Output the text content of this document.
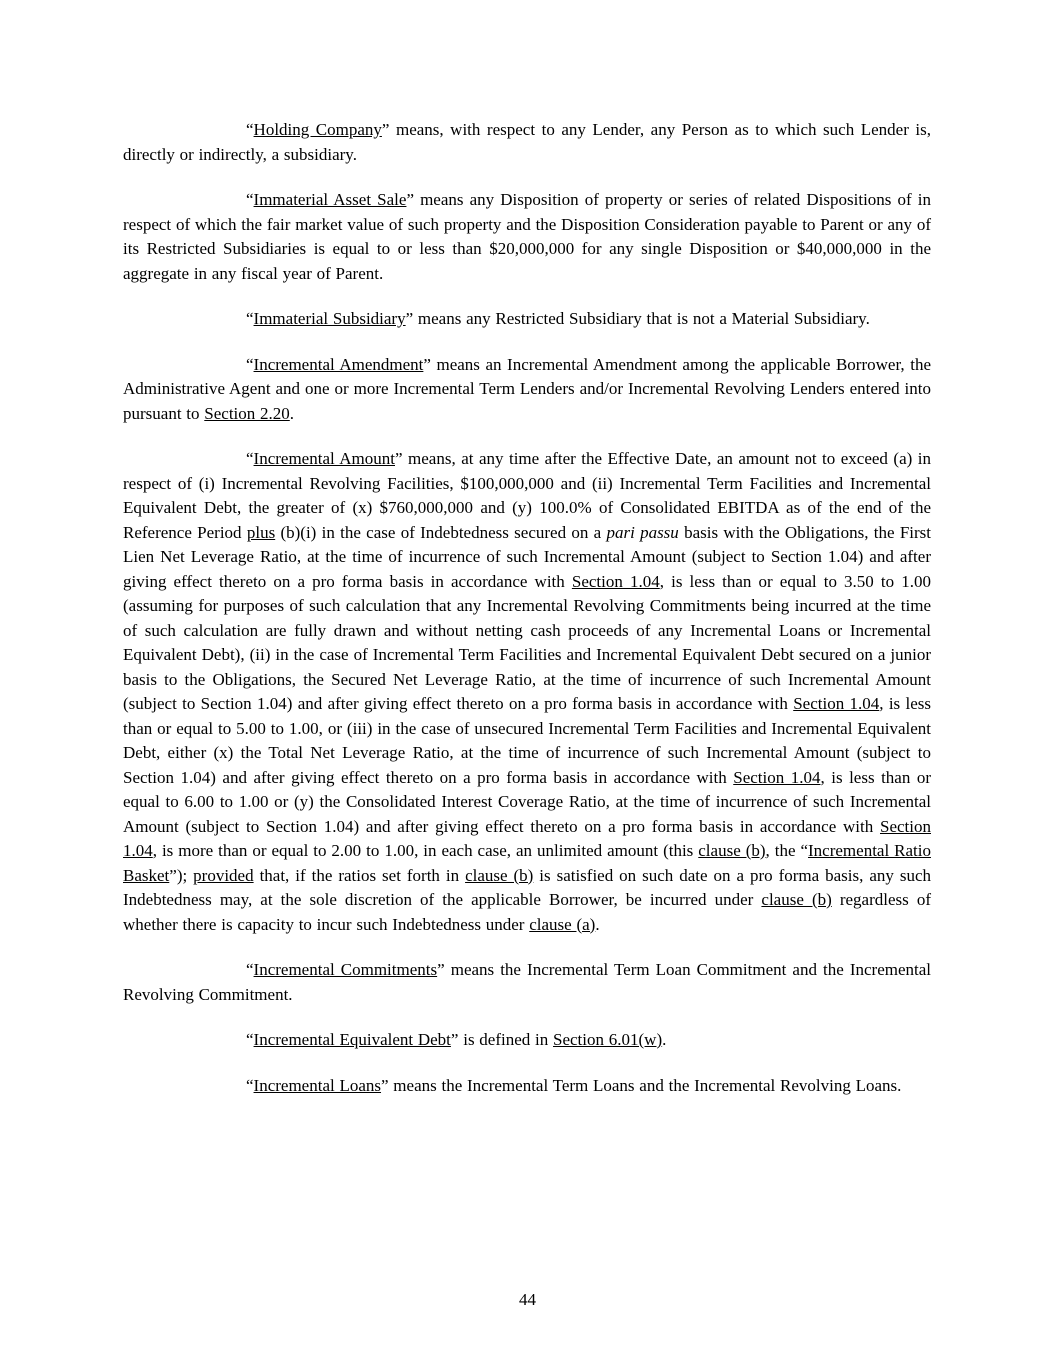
“Holding Company” means, with respect to any Lender, any Person as to which such Lender is, directly or indirectly, a subsidiary.

“Immaterial Asset Sale” means any Disposition of property or series of related Dispositions of in respect of which the fair market value of such property and the Disposition Consideration payable to Parent or any of its Restricted Subsidiaries is equal to or less than $20,000,000 for any single Disposition or $40,000,000 in the aggregate in any fiscal year of Parent.

“Immaterial Subsidiary” means any Restricted Subsidiary that is not a Material Subsidiary.

“Incremental Amendment” means an Incremental Amendment among the applicable Borrower, the Administrative Agent and one or more Incremental Term Lenders and/or Incremental Revolving Lenders entered into pursuant to Section 2.20.

“Incremental Amount” means, at any time after the Effective Date, an amount not to exceed (a) in respect of (i) Incremental Revolving Facilities, $100,000,000 and (ii) Incremental Term Facilities and Incremental Equivalent Debt, the greater of (x) $760,000,000 and (y) 100.0% of Consolidated EBITDA as of the end of the Reference Period plus (b)(i) in the case of Indebtedness secured on a pari passu basis with the Obligations, the First Lien Net Leverage Ratio, at the time of incurrence of such Incremental Amount (subject to Section 1.04) and after giving effect thereto on a pro forma basis in accordance with Section 1.04, is less than or equal to 3.50 to 1.00 (assuming for purposes of such calculation that any Incremental Revolving Commitments being incurred at the time of such calculation are fully drawn and without netting cash proceeds of any Incremental Loans or Incremental Equivalent Debt), (ii) in the case of Incremental Term Facilities and Incremental Equivalent Debt secured on a junior basis to the Obligations, the Secured Net Leverage Ratio, at the time of incurrence of such Incremental Amount (subject to Section 1.04) and after giving effect thereto on a pro forma basis in accordance with Section 1.04, is less than or equal to 5.00 to 1.00, or (iii) in the case of unsecured Incremental Term Facilities and Incremental Equivalent Debt, either (x) the Total Net Leverage Ratio, at the time of incurrence of such Incremental Amount (subject to Section 1.04) and after giving effect thereto on a pro forma basis in accordance with Section 1.04, is less than or equal to 6.00 to 1.00 or (y) the Consolidated Interest Coverage Ratio, at the time of incurrence of such Incremental Amount (subject to Section 1.04) and after giving effect thereto on a pro forma basis in accordance with Section 1.04, is more than or equal to 2.00 to 1.00, in each case, an unlimited amount (this clause (b), the “Incremental Ratio Basket”); provided that, if the ratios set forth in clause (b) is satisfied on such date on a pro forma basis, any such Indebtedness may, at the sole discretion of the applicable Borrower, be incurred under clause (b) regardless of whether there is capacity to incur such Indebtedness under clause (a).

“Incremental Commitments” means the Incremental Term Loan Commitment and the Incremental Revolving Commitment.

“Incremental Equivalent Debt” is defined in Section 6.01(w).

“Incremental Loans” means the Incremental Term Loans and the Incremental Revolving Loans.

44
